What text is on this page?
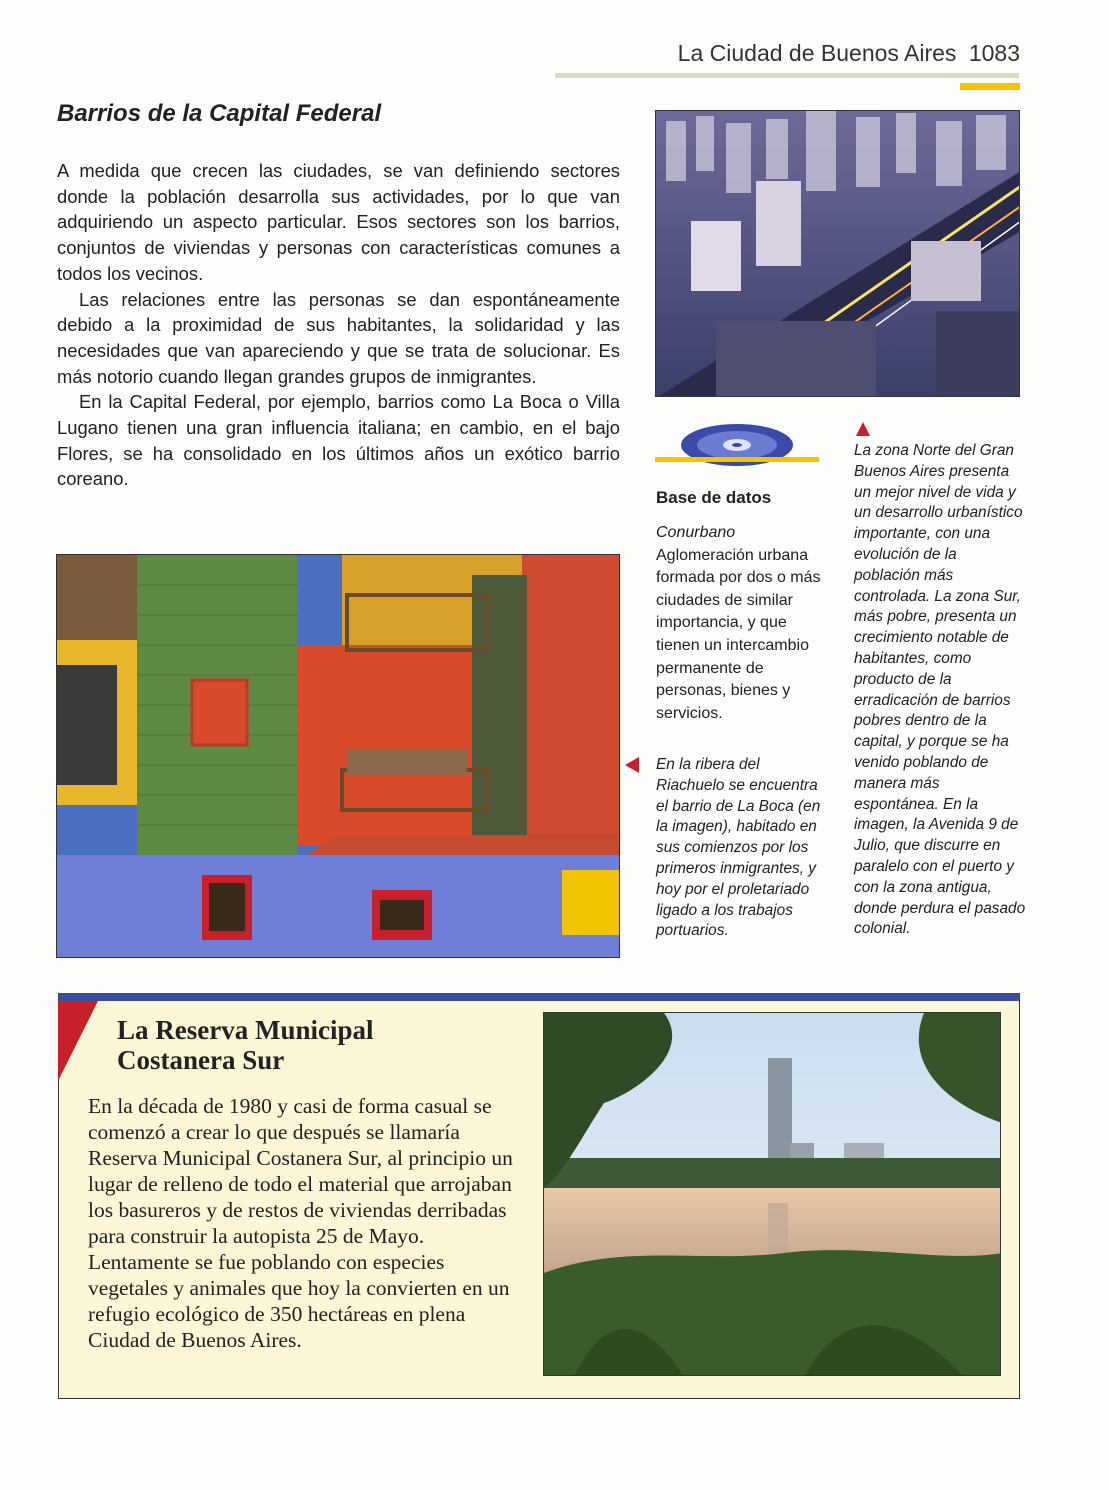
La Ciudad de Buenos Aires 1083
Barrios de la Capital Federal

A medida que crecen las ciudades, se van definiendo sectores donde la población desarrolla sus actividades, por lo que van adquiriendo un aspecto particular. Esos sectores son los barrios, conjuntos de viviendas y personas con características comunes a todos los vecinos.

Las relaciones entre las personas se dan espontáneamente debido a la proximidad de sus habitantes, la solidaridad y las necesidades que van apareciendo y que se trata de solucionar. Es más notorio cuando llegan grandes grupos de inmigrantes.

En la Capital Federal, por ejemplo, barrios como La Boca o Villa Lugano tienen una gran influencia italiana; en cambio, en el bajo Flores, se ha consolidado en los últimos años un exótico barrio coreano.

Base de datos
Conurbano
Aglomeración urbana formada por dos o más ciudades de similar importancia, y que tienen un intercambio permanente de personas, bienes y servicios.
La zona Norte del Gran Buenos Aires presenta un mejor nivel de vida y un desarrollo urbanístico importante, con una evolución de la población más controlada. La zona Sur, más pobre, presenta un crecimiento notable de habitantes, como producto de la erradicación de barrios pobres dentro de la capital, y porque se ha venido poblando de manera más espontánea. En la imagen, la Avenida 9 de Julio, que discurre en paralelo con el puerto y con la zona antigua, donde perdura el pasado colonial.
En la ribera del Riachuelo se encuentra el barrio de La Boca (en la imagen), habitado en sus comienzos por los primeros inmigrantes, y hoy por el proletariado ligado a los trabajos portuarios.
La Reserva Municipal
Costanera Sur
En la década de 1980 y casi de forma casual se comenzó a crear lo que después se llamaría Reserva Municipal Costanera Sur, al principio un lugar de relleno de todo el material que arrojaban los basureros y de restos de viviendas derribadas para construir la autopista 25 de Mayo. Lentamente se fue poblando con especies vegetales y animales que hoy la convierten en un refugio ecológico de 350 hectáreas en plena Ciudad de Buenos Aires.
